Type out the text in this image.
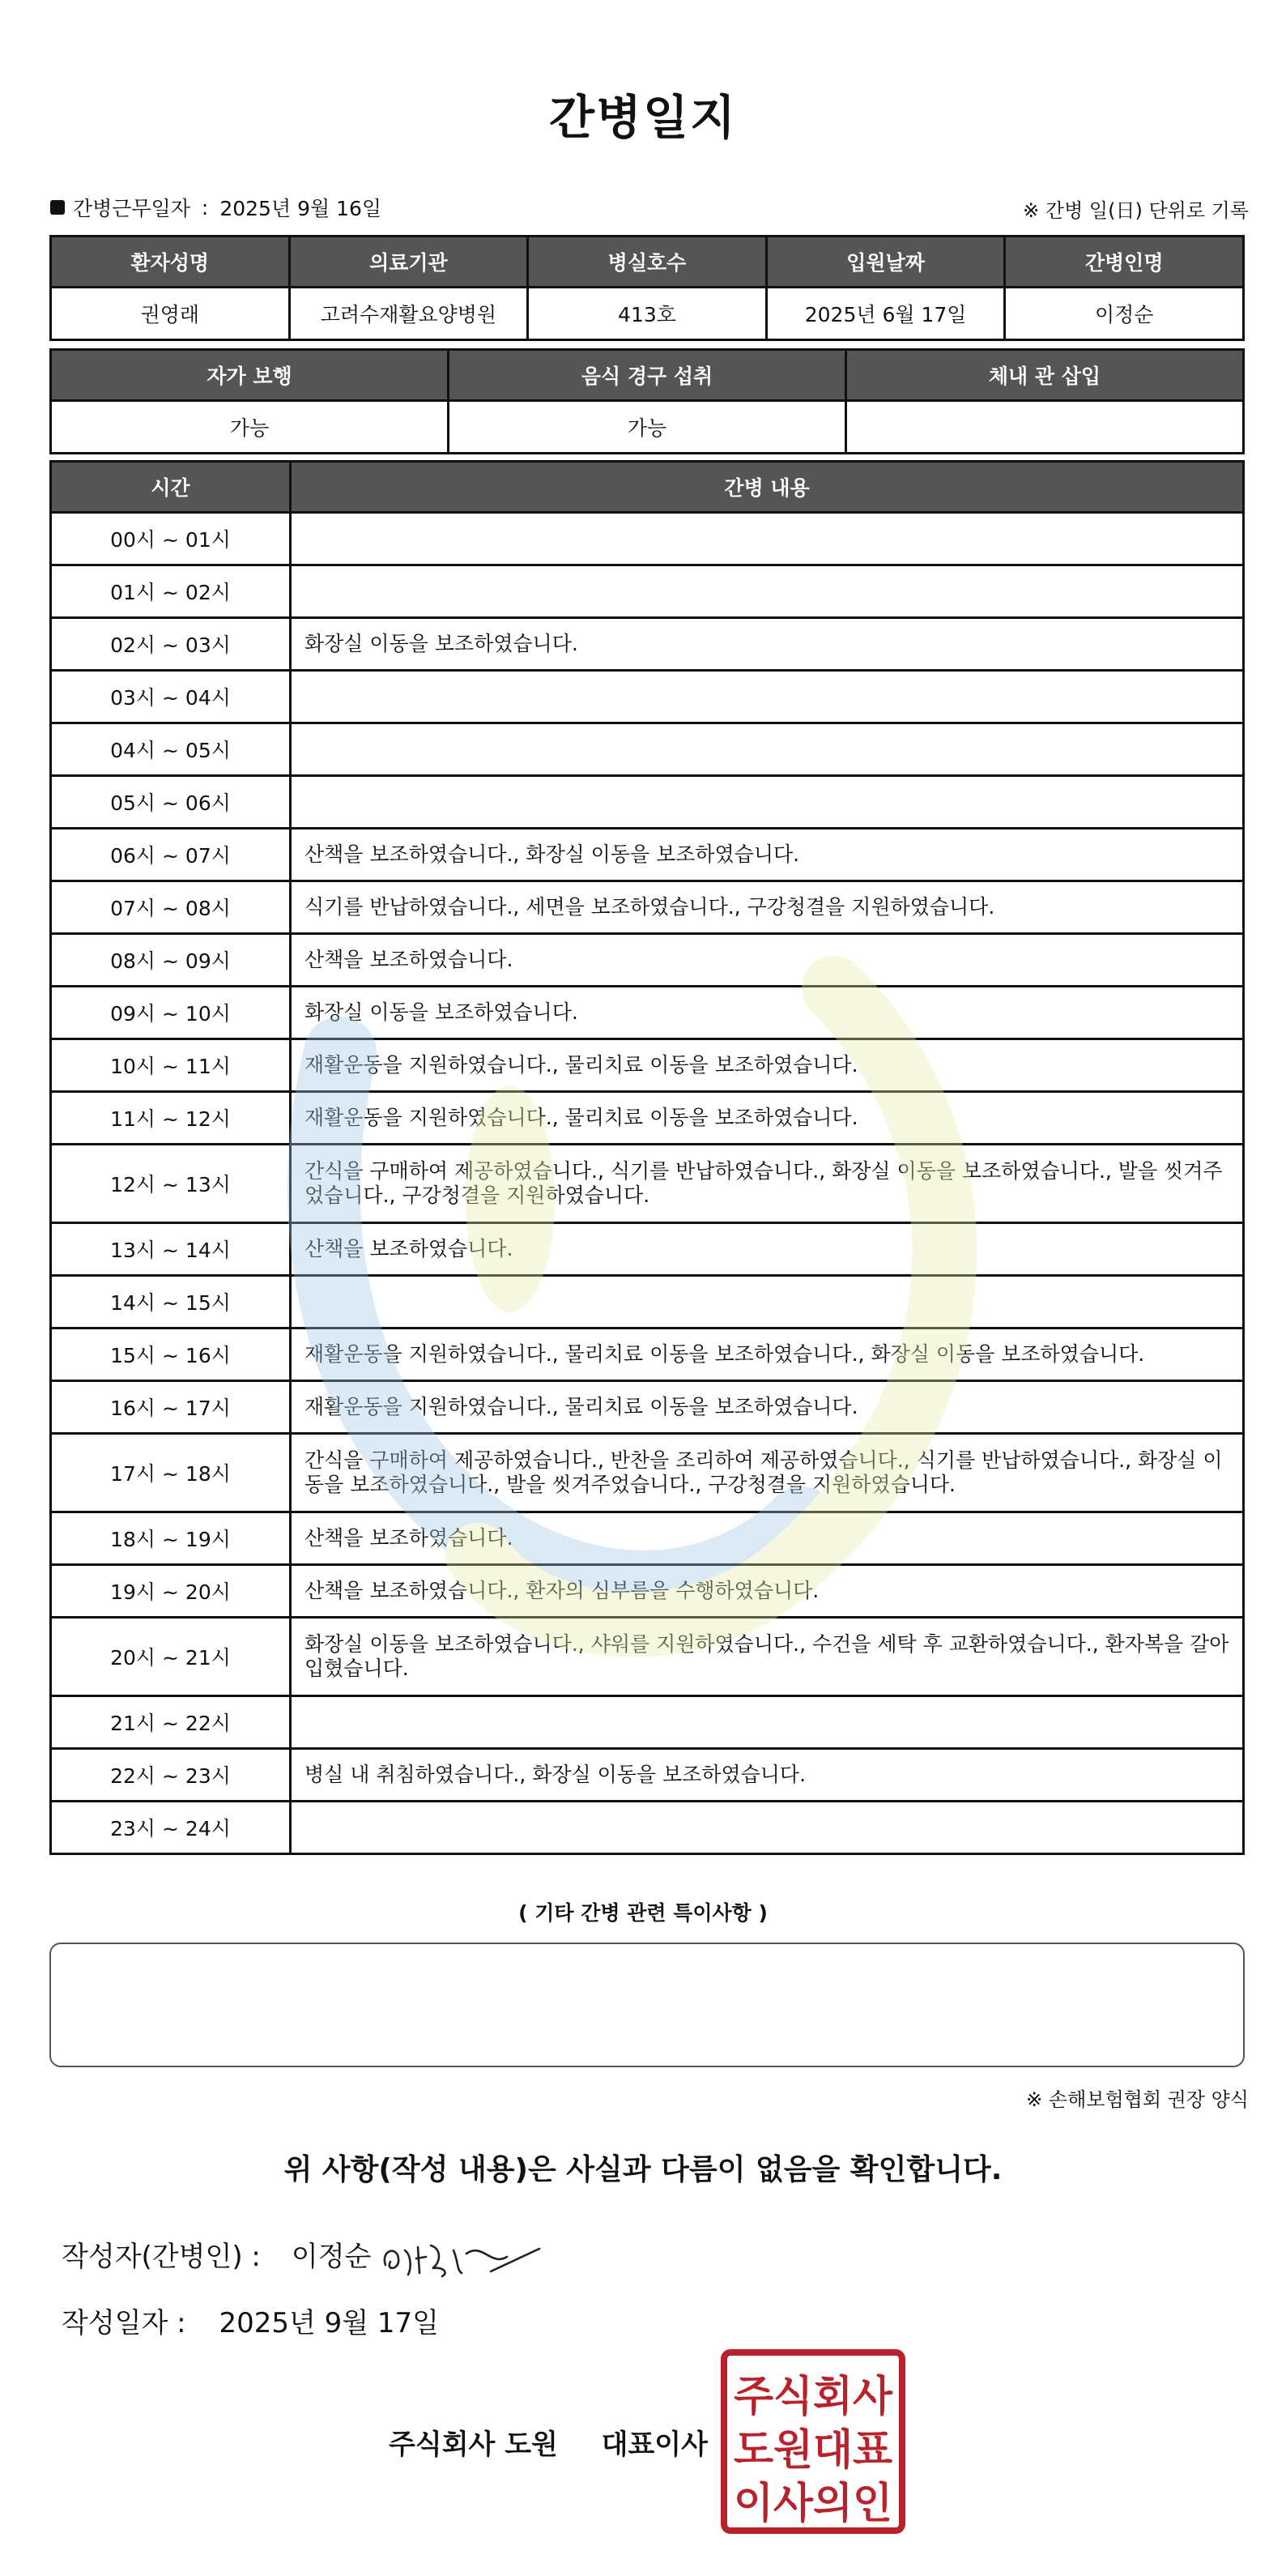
간병일지
간병근무일자 : 2025년 9월 16일	※ 간병 일(日) 단위로 기록
환자성명	의료기관	병실호수	입원날짜	간병인명
권영래	고려수재활요양병원	413호	2025년 6월 17일	이정순
자가 보행	음식 경구 섭취	체내 관 삽입
가능	가능	
시간	간병 내용
00시 ~ 01시	
01시 ~ 02시	
02시 ~ 03시	화장실 이동을 보조하였습니다.
03시 ~ 04시	
04시 ~ 05시	
05시 ~ 06시	
06시 ~ 07시	산책을 보조하였습니다., 화장실 이동을 보조하였습니다.
07시 ~ 08시	식기를 반납하였습니다., 세면을 보조하였습니다., 구강청결을 지원하였습니다.
08시 ~ 09시	산책을 보조하였습니다.
09시 ~ 10시	화장실 이동을 보조하였습니다.
10시 ~ 11시	재활운동을 지원하였습니다., 물리치료 이동을 보조하였습니다.
11시 ~ 12시	재활운동을 지원하였습니다., 물리치료 이동을 보조하였습니다.
12시 ~ 13시	간식을 구매하여 제공하였습니다., 식기를 반납하였습니다., 화장실 이동을 보조하였습니다., 발을 씻겨주었습니다., 구강청결을 지원하였습니다.
13시 ~ 14시	산책을 보조하였습니다.
14시 ~ 15시	
15시 ~ 16시	재활운동을 지원하였습니다., 물리치료 이동을 보조하였습니다., 화장실 이동을 보조하였습니다.
16시 ~ 17시	재활운동을 지원하였습니다., 물리치료 이동을 보조하였습니다.
17시 ~ 18시	간식을 구매하여 제공하였습니다., 반찬을 조리하여 제공하였습니다., 식기를 반납하였습니다., 화장실 이동을 보조하였습니다., 발을 씻겨주었습니다., 구강청결을 지원하였습니다.
18시 ~ 19시	산책을 보조하였습니다.
19시 ~ 20시	산책을 보조하였습니다., 환자의 심부름을 수행하였습니다.
20시 ~ 21시	화장실 이동을 보조하였습니다., 샤워를 지원하였습니다., 수건을 세탁 후 교환하였습니다., 환자복을 갈아입혔습니다.
21시 ~ 22시	
22시 ~ 23시	병실 내 취침하였습니다., 화장실 이동을 보조하였습니다.
23시 ~ 24시	
( 기타 간병 관련 특이사항 )
※ 손해보험협회 권장 양식
위 사항(작성 내용)은 사실과 다름이 없음을 확인합니다.
작성자(간병인) : 이정순
작성일자 : 2025년 9월 17일
주식회사 도원 대표이사
주식회사
도원대표
이사의인
